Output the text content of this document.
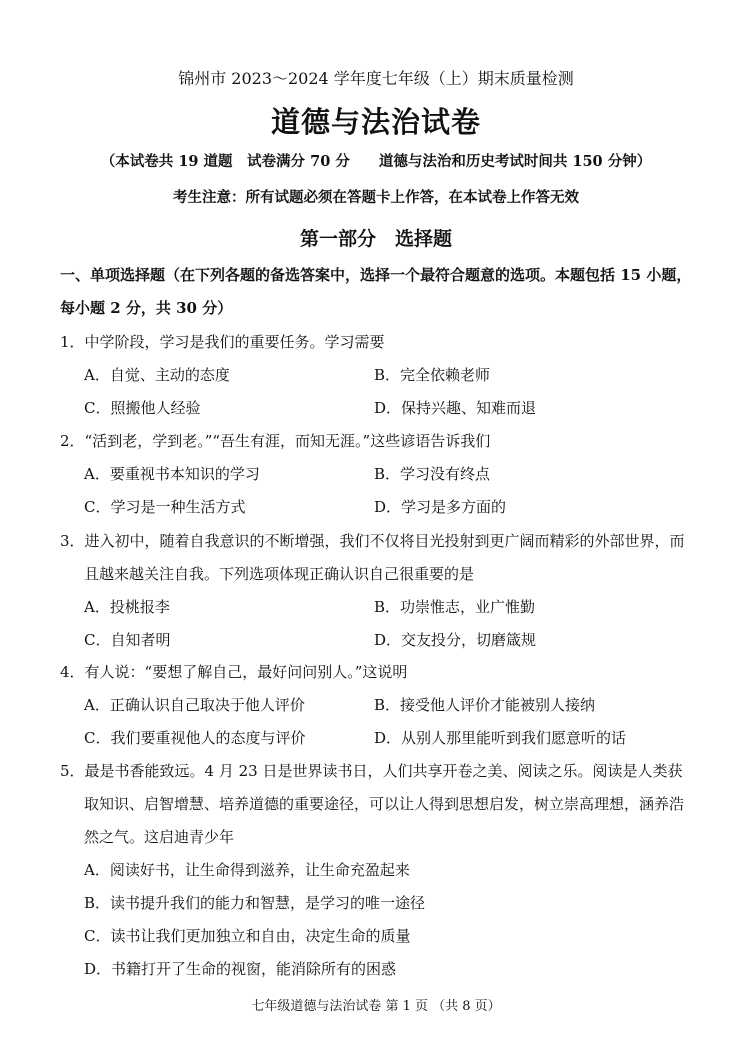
锦州市 2023～2024 学年度七年级（上）期末质量检测
道德与法治试卷
（本试卷共 19 道题　试卷满分 70 分　　道德与法治和历史考试时间共 150 分钟）
考生注意：所有试题必须在答题卡上作答，在本试卷上作答无效
第一部分　选择题
一、单项选择题（在下列各题的备选答案中，选择一个最符合题意的选项。本题包括 15 小题，
每小题 2 分，共 30 分）
1．中学阶段，学习是我们的重要任务。学习需要
A．自觉、主动的态度	B．完全依赖老师
C．照搬他人经验	D．保持兴趣、知难而退
2．“活到老，学到老。”“吾生有涯，而知无涯。”这些谚语告诉我们
A．要重视书本知识的学习	B．学习没有终点
C．学习是一种生活方式	D．学习是多方面的
3．进入初中，随着自我意识的不断增强，我们不仅将目光投射到更广阔而精彩的外部世界，而
且越来越关注自我。下列选项体现正确认识自己很重要的是
A．投桃报李	B．功崇惟志，业广惟勤
C．自知者明	D．交友投分，切磨箴规
4．有人说：“要想了解自己，最好问问别人。”这说明
A．正确认识自己取决于他人评价	B．接受他人评价才能被别人接纳
C．我们要重视他人的态度与评价	D．从别人那里能听到我们愿意听的话
5．最是书香能致远。4 月 23 日是世界读书日，人们共享开卷之美、阅读之乐。阅读是人类获
取知识、启智增慧、培养道德的重要途径，可以让人得到思想启发，树立崇高理想，涵养浩
然之气。这启迪青少年
A．阅读好书，让生命得到滋养，让生命充盈起来
B．读书提升我们的能力和智慧，是学习的唯一途径
C．读书让我们更加独立和自由，决定生命的质量
D．书籍打开了生命的视窗，能消除所有的困惑
七年级道德与法治试卷 第 1 页 （共 8 页）
